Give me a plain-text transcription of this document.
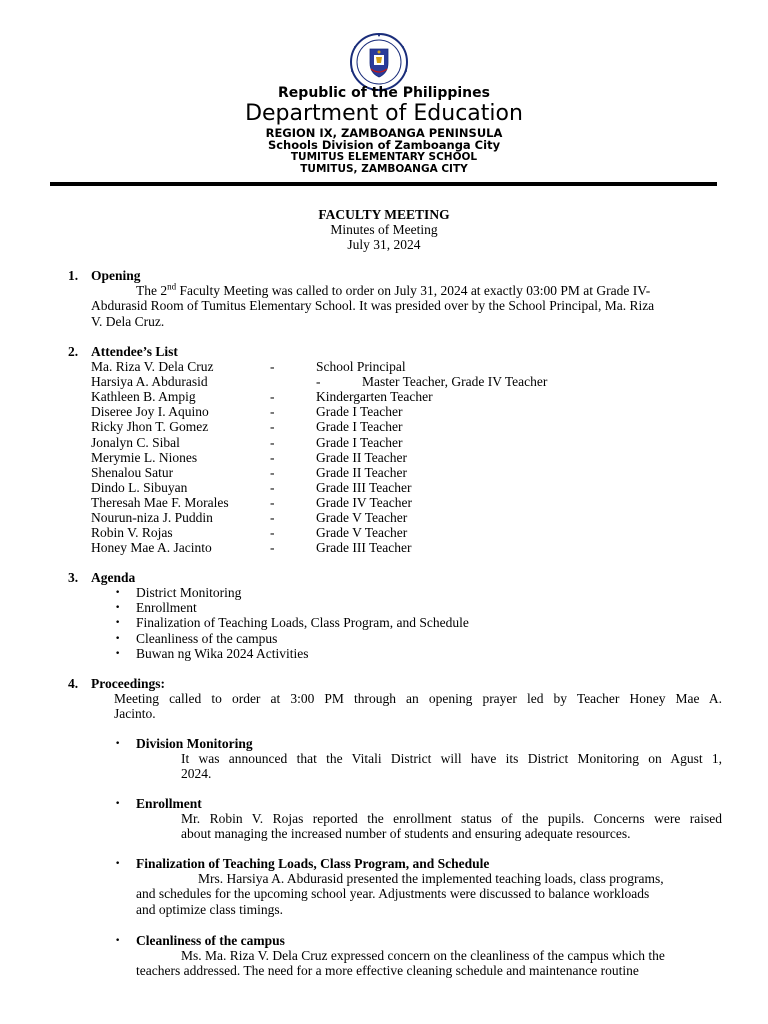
Republic of the Philippines
Department of Education
REGION IX, ZAMBOANGA PENINSULA
Schools Division of Zamboanga City
TUMITUS ELEMENTARY SCHOOL
TUMITUS, ZAMBOANGA CITY
FACULTY MEETING
Minutes of Meeting
July 31, 2024
1. Opening
The 2nd Faculty Meeting was called to order on July 31, 2024 at exactly 03:00 PM at Grade IV-
Abdurasid Room of Tumitus Elementary School. It was presided over by the School Principal, Ma. Riza
V. Dela Cruz.
2. Attendee’s List
Ma. Riza V. Dela Cruz	-	School Principal
Harsiya A. Abdurasid	-	Master Teacher, Grade IV Teacher
Kathleen B. Ampig	-	Kindergarten Teacher
Diseree Joy I. Aquino	-	Grade I Teacher
Ricky Jhon T. Gomez	-	Grade I Teacher
Jonalyn C. Sibal	-	Grade I Teacher
Merymie L. Niones	-	Grade II Teacher
Shenalou Satur	-	Grade II Teacher
Dindo L. Sibuyan	-	Grade III Teacher
Theresah Mae F. Morales	-	Grade IV Teacher
Nourun-niza J. Puddin	-	Grade V Teacher
Robin V. Rojas	-	Grade V Teacher
Honey Mae A. Jacinto	-	Grade III Teacher
3. Agenda
• District Monitoring
• Enrollment
• Finalization of Teaching Loads, Class Program, and Schedule
• Cleanliness of the campus
• Buwan ng Wika 2024 Activities
4. Proceedings:
Meeting called to order at 3:00 PM through an opening prayer led by Teacher Honey Mae A.
Jacinto.
• Division Monitoring
It was announced that the Vitali District will have its District Monitoring on Agust 1,
2024.
• Enrollment
Mr. Robin V. Rojas reported the enrollment status of the pupils. Concerns were raised
about managing the increased number of students and ensuring adequate resources.
• Finalization of Teaching Loads, Class Program, and Schedule
Mrs. Harsiya A. Abdurasid presented the implemented teaching loads, class programs,
and schedules for the upcoming school year. Adjustments were discussed to balance workloads
and optimize class timings.
• Cleanliness of the campus
Ms. Ma. Riza V. Dela Cruz expressed concern on the cleanliness of the campus which the
teachers addressed. The need for a more effective cleaning schedule and maintenance routine
